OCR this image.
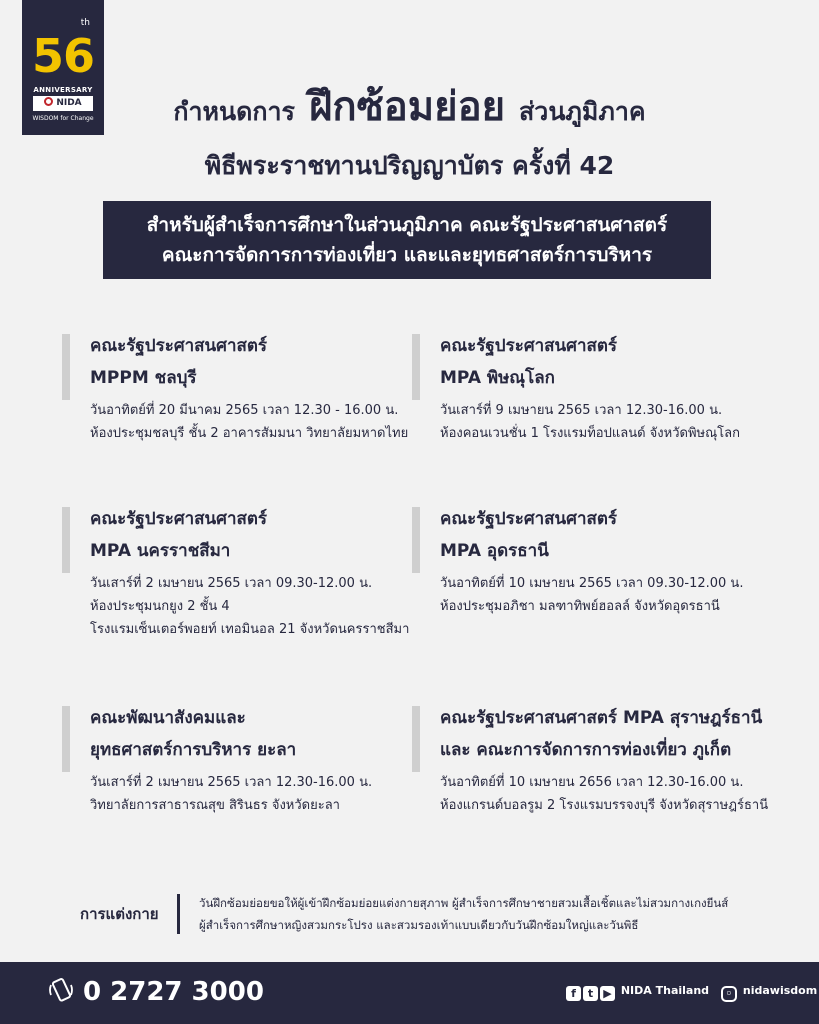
th
56
ANNIVERSARY
NIDA
WISDOM for Change	กำหนดการ ฝึกซ้อมย่อย ส่วนภูมิภาค
พิธีพระราชทานปริญญาบัตร ครั้งที่ 42
สำหรับผู้สำเร็จการศึกษาในส่วนภูมิภาค คณะรัฐประศาสนศาสตร์
คณะการจัดการการท่องเที่ยว และและยุทธศาสตร์การบริหาร
คณะรัฐประศาสนศาสตร์
MPPM ชลบุรี
วันอาทิตย์ที่ 20 มีนาคม 2565 เวลา 12.30 - 16.00 น.
ห้องประชุมชลบุรี ชั้น 2 อาคารสัมมนา วิทยาลัยมหาดไทย
คณะรัฐประศาสนศาสตร์
MPA พิษณุโลก
วันเสาร์ที่ 9 เมษายน 2565 เวลา 12.30-16.00 น.
ห้องคอนเวนชั่น 1 โรงแรมท็อปแลนด์ จังหวัดพิษณุโลก
คณะรัฐประศาสนศาสตร์
MPA นครราชสีมา
วันเสาร์ที่ 2 เมษายน 2565 เวลา 09.30-12.00 น.
ห้องประชุมนกยูง 2 ชั้น 4
โรงแรมเซ็นเตอร์พอยท์ เทอมินอล 21 จังหวัดนครราชสีมา
คณะรัฐประศาสนศาสตร์
MPA อุดรธานี
วันอาทิตย์ที่ 10 เมษายน 2565 เวลา 09.30-12.00 น.
ห้องประชุมอภิชา มลฑาทิพย์ฮอลล์ จังหวัดอุดรธานี
คณะพัฒนาสังคมและ
ยุทธศาสตร์การบริหาร ยะลา
วันเสาร์ที่ 2 เมษายน 2565 เวลา 12.30-16.00 น.
วิทยาลัยการสาธารณสุข สิรินธร จังหวัดยะลา
คณะรัฐประศาสนศาสตร์ MPA สุราษฎร์ธานี
และ คณะการจัดการการท่องเที่ยว ภูเก็ต
วันอาทิตย์ที่ 10 เมษายน 2656 เวลา 12.30-16.00 น.
ห้องแกรนด์บอลรูม 2 โรงแรมบรรจงบุรี จังหวัดสุราษฎร์ธานี
การแต่งกาย
วันฝึกซ้อมย่อยขอให้ผู้เข้าฝึกซ้อมย่อยแต่งกายสุภาพ ผู้สำเร็จการศึกษาชายสวมเสื้อเชิ้ตและไม่สวมกางเกงยีนส์
ผู้สำเร็จการศึกษาหญิงสวมกระโปรง และสวมรองเท้าแบบเดียวกับวันฝึกซ้อมใหญ่และวันพิธี
0 2727 3000	f t ▶ NIDA Thailand ◦ nidawisdom
